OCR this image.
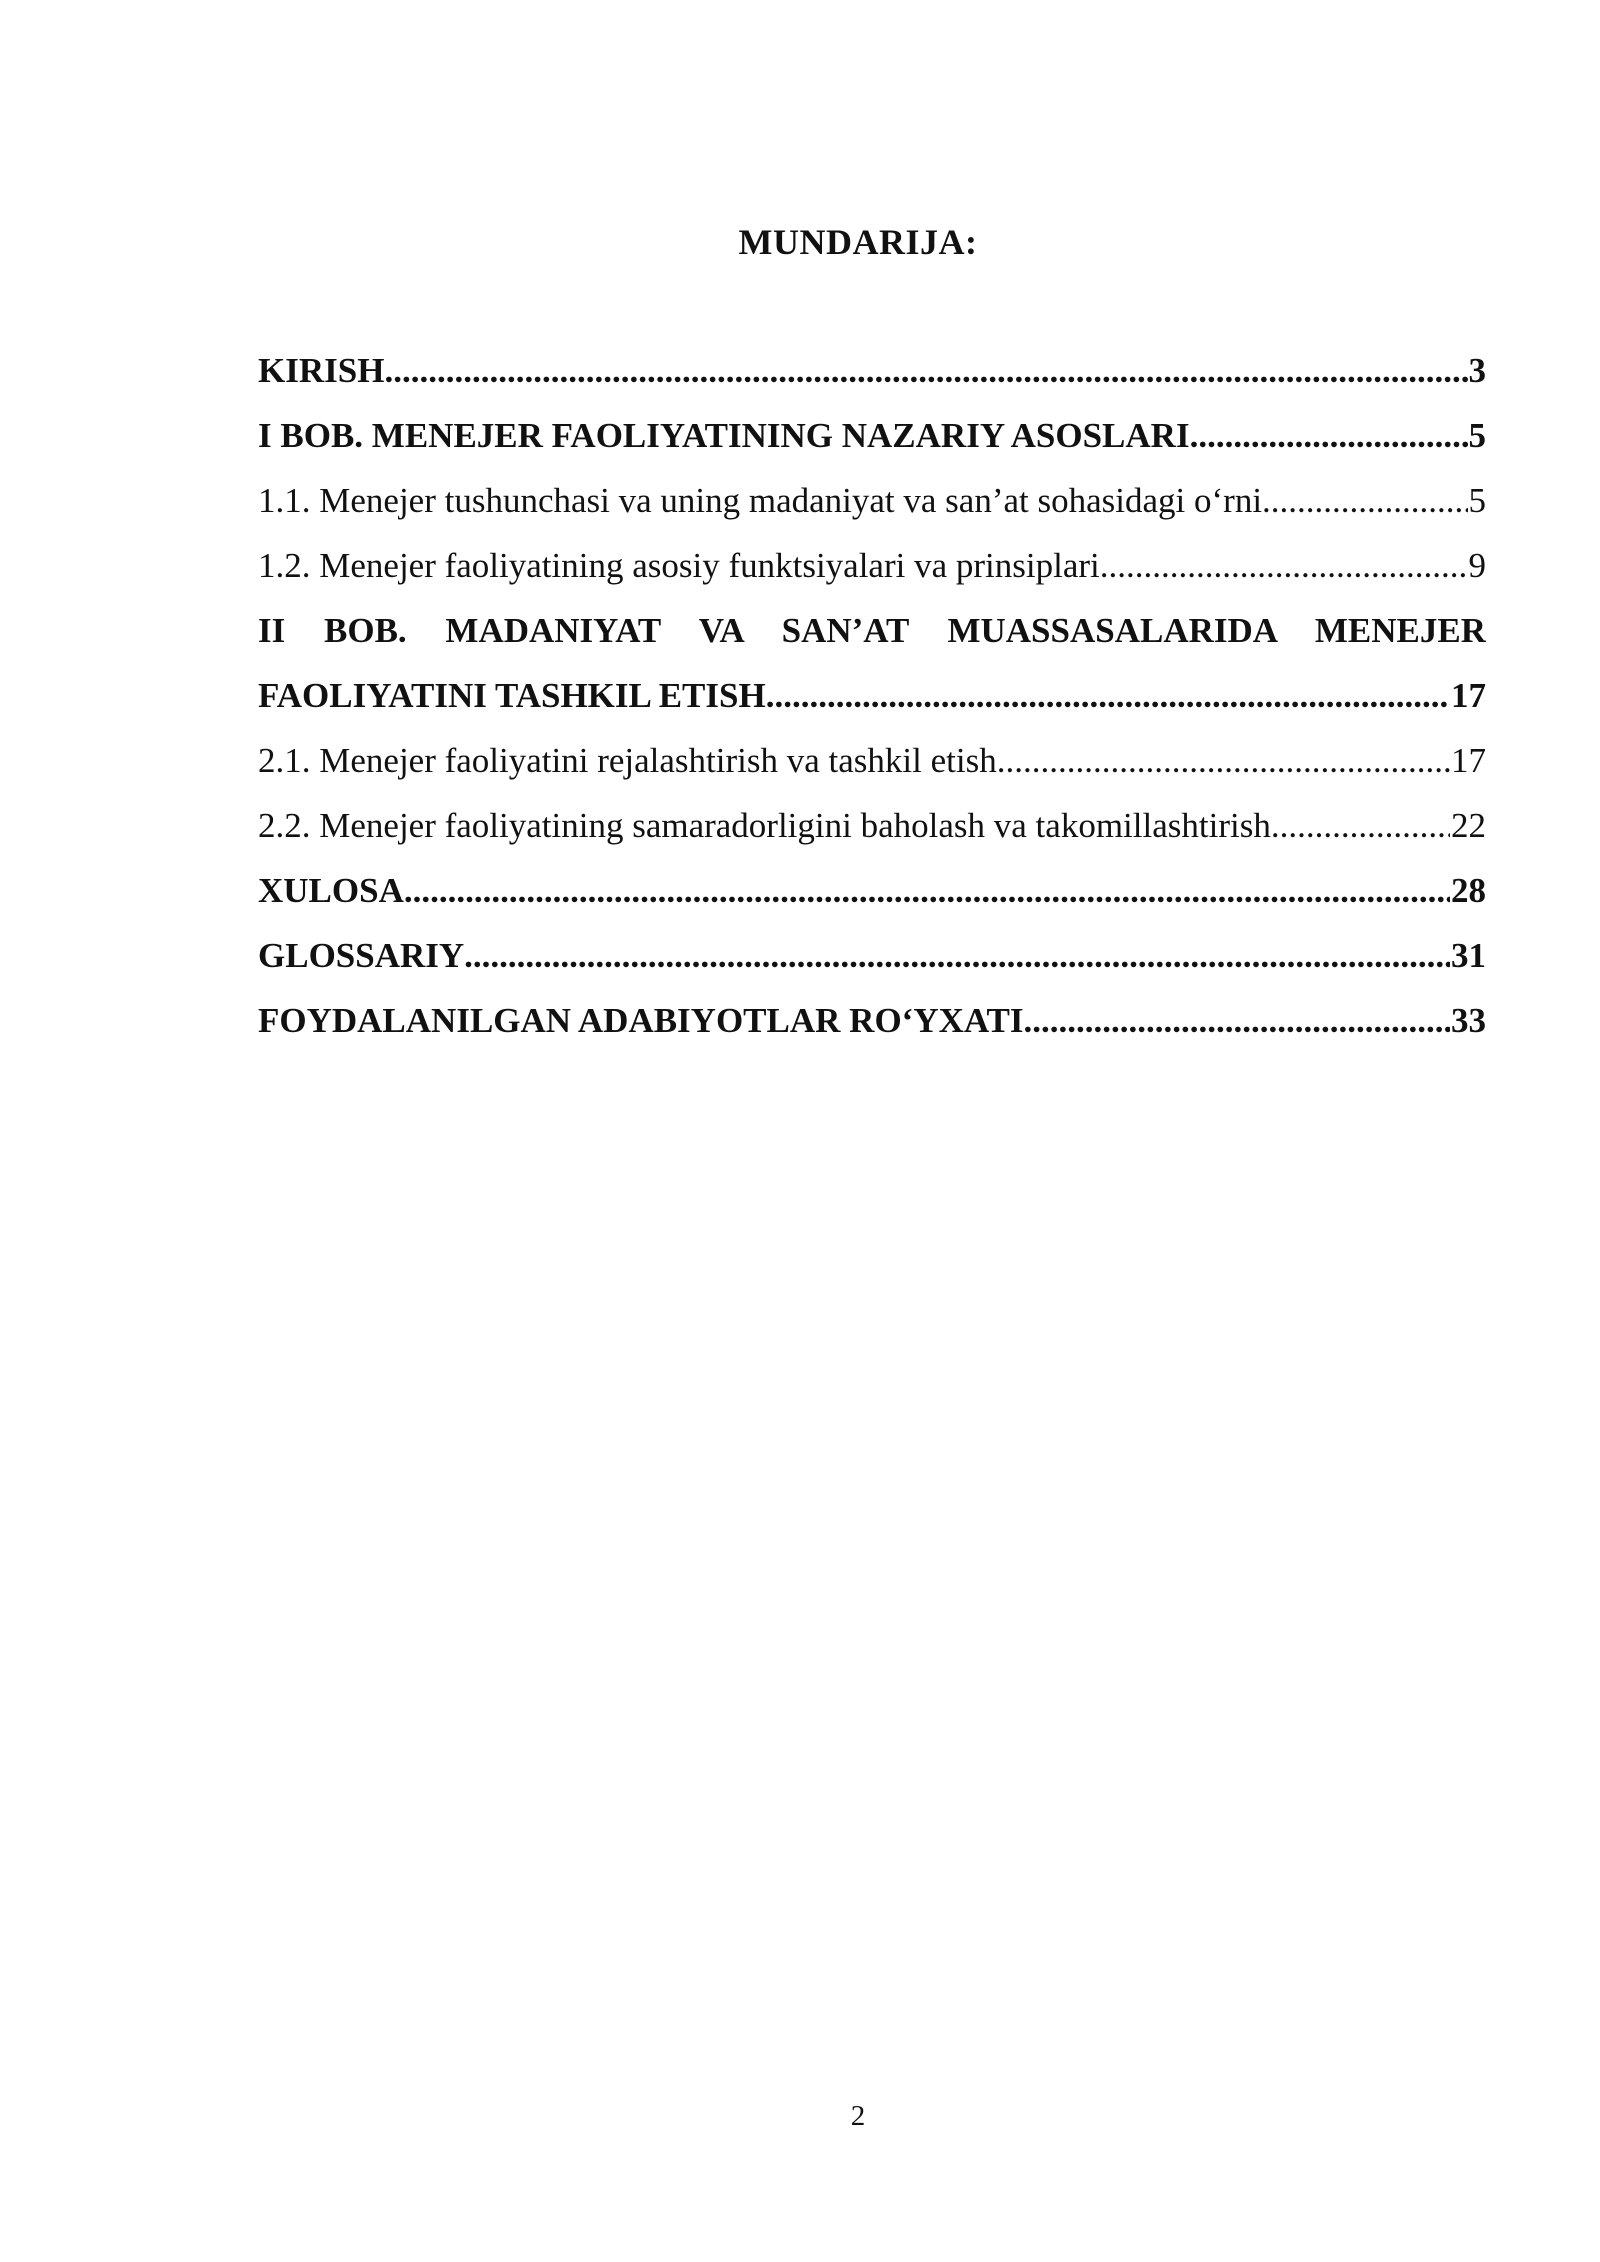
MUNDARIJA:
KIRISH .....	3
I BOB. MENEJER FAOLIYATINING NAZARIY ASOSLARI .....	5
1.1. Menejer tushunchasi va uning madaniyat va san’at sohasidagi o‘rni .....	5
1.2. Menejer faoliyatining asosiy funktsiyalari va prinsiplari .....	9
II BOB. MADANIYAT VA SAN’AT MUASSASALARIDA MENEJER
FAOLIYATINI TASHKIL ETISH .....	17
2.1. Menejer faoliyatini rejalashtirish va tashkil etish .....	17
2.2. Menejer faoliyatining samaradorligini baholash va takomillashtirish .....	22
XULOSA .....	28
GLOSSARIY .....	31
FOYDALANILGAN ADABIYOTLAR RO‘YXATI .....	33
2
